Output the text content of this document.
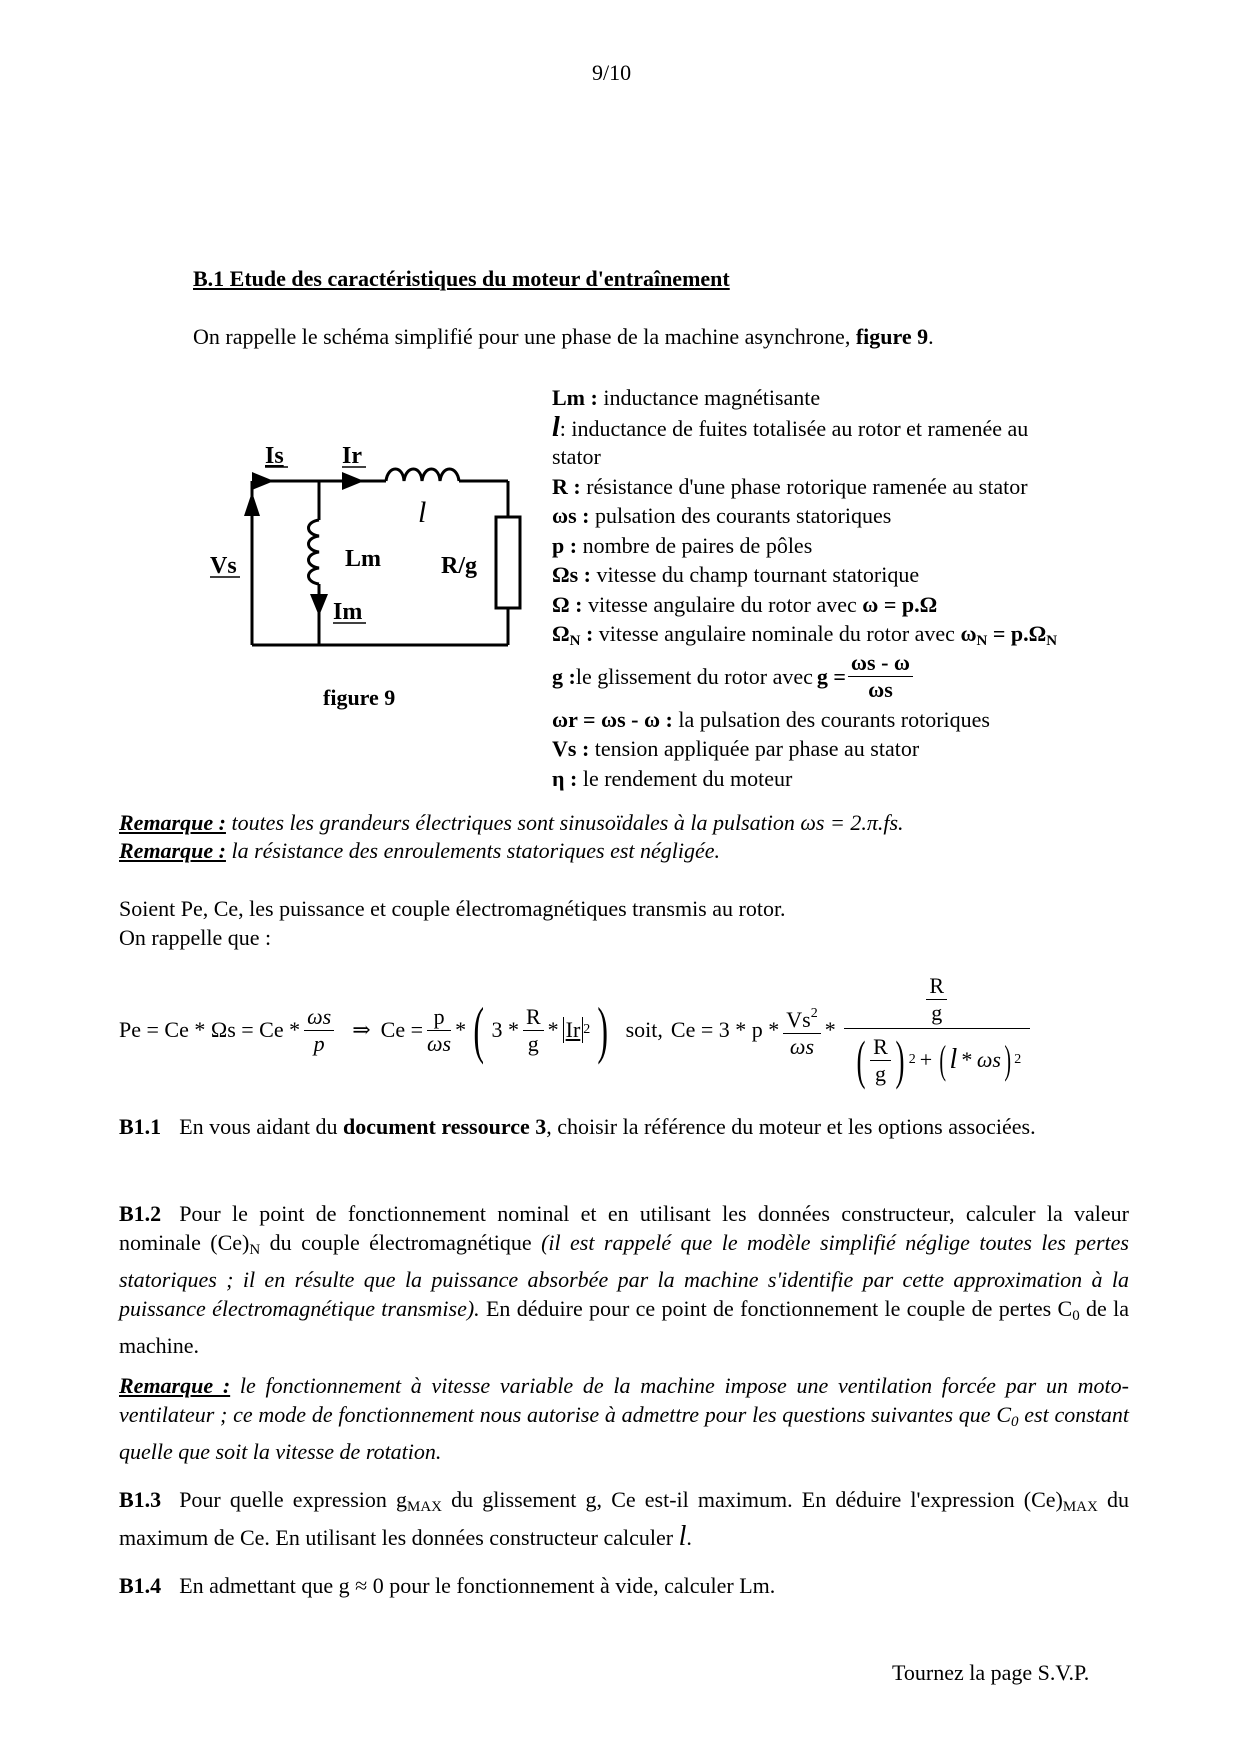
9/10
B.1 Etude des caractéristiques du moteur d'entraînement
On rappelle le schéma simplifié pour une phase de la machine asynchrone, figure 9.
Is Ir
l
Vs	Lm	R/g
Im
figure 9
Lm : inductance magnétisante
l: inductance de fuites totalisée au rotor et ramenée au
stator
R : résistance d'une phase rotorique ramenée au stator
ωs : pulsation des courants statoriques
p : nombre de paires de pôles
Ωs : vitesse du champ tournant statorique
Ω : vitesse angulaire du rotor avec ω = p.Ω
$\Omega_N$ : vitesse angulaire nominale du rotor avec $\omega_N = p.\Omega_N$
g : le glissement du rotor avec $g = \frac{\omega s - \omega}{\omega s}$
ωr = ωs - ω : la pulsation des courants rotoriques
Vs : tension appliquée par phase au stator
η : le rendement du moteur
Remarque : toutes les grandeurs électriques sont sinusoïdales à la pulsation ωs = 2.π.fs.
Remarque : la résistance des enroulements statoriques est négligée.
Soient Pe, Ce, les puissance et couple électromagnétiques transmis au rotor.
On rappelle que :
$Pe = Ce * \Omega s = Ce * \frac{\omega s}{p}$ ⇒ $Ce = \frac{p}{\omega s}$ * ( $3 * \frac{R}{g}$ * Ir 2 ) soit, $Ce = 3 * p * \frac{Vs^2}{\omega s} * \frac{\frac{R}{g}}{( \frac{R}{g} ) 2 + ( l * \omega s ) 2}$
B1.1 En vous aidant du document ressource 3, choisir la référence du moteur et les options associées.
B1.2 Pour le point de fonctionnement nominal et en utilisant les données constructeur, calculer la valeur nominale $(Ce)_N$ du couple électromagnétique (il est rappelé que le modèle simplifié néglige toutes les pertes statoriques ; il en résulte que la puissance absorbée par la machine s'identifie par cette approximation à la puissance électromagnétique transmise). En déduire pour ce point de fonctionnement le couple de pertes $C_0$ de la machine.
Remarque : le fonctionnement à vitesse variable de la machine impose une ventilation forcée par un moto-ventilateur ; ce mode de fonctionnement nous autorise à admettre pour les questions suivantes que $C_0$ est constant quelle que soit la vitesse de rotation.
B1.3 Pour quelle expression $g_{MAX}$ du glissement g, Ce est-il maximum. En déduire l'expression $(Ce)_{MAX}$ du maximum de Ce. En utilisant les données constructeur calculer l.
B1.4 En admettant que g ≈ 0 pour le fonctionnement à vide, calculer Lm.
Tournez la page S.V.P.
